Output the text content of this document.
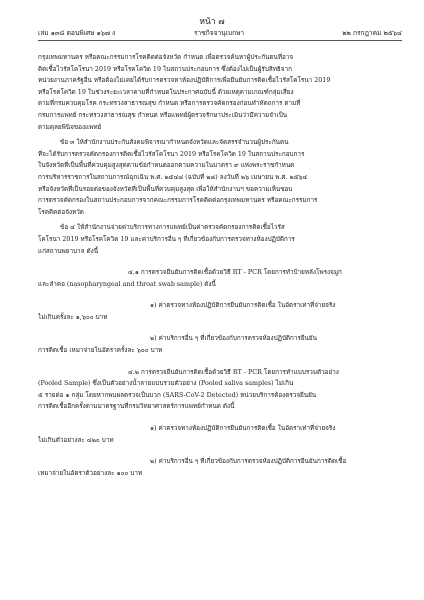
หน้า ๗
เล่ม ๑๓๘ ตอนพิเศษ ๑๖๗ ง	ราชกิจจานุเบกษา	๒๒ กรกฎาคม ๒๕๖๔

กรุงเทพมหานคร หรือคณะกรรมการโรคติดต่อจังหวัด กำหนด เพื่อตรวจค้นหาผู้ประกันตนที่อาจ

ติดเชื้อไวรัสโคโรนา 2019 หรือโรคโควิด 19 ในสถานประกอบการ ซึ่งต้องไม่เป็นผู้รับสิทธิจาก

หน่วยงานภาครัฐอื่น หรือต้องไม่เคยได้รับการตรวจหาห้องปฏิบัติการเพื่อยืนยันการติดเชื้อไวรัสโคโรนา 2019

หรือโรคโควิด 19 ในช่วงระยะเวลาตามที่กำหนดในประกาศฉบับนี้ ด้วยเหตุตามเกณฑ์กลุ่มเสี่ยง

ตามที่กรมควบคุมโรค กระทรวงสาธารณสุข กำหนด หรือการตรวจคัดกรองก่อนทำหัตถการ ตามที่

กรมการแพทย์ กระทรวงสาธารณสุข กำหนด หรือแพทย์ผู้ตรวจรักษาประเมินว่ามีความจำเป็น

ตามดุลยพินิจของแพทย์

ข้อ ๓ ให้สำนักงานประกันสังคมพิจารณากำหนดจังหวัดและจัดสรรจำนวนผู้ประกันตน

ที่จะได้รับการตรวจคัดกรองการติดเชื้อไวรัสโคโรนา 2019 หรือโรคโควิด 19 ในสถานประกอบการ

ในจังหวัดที่เป็นพื้นที่ควบคุมสูงสุดตามข้อกำหนดออกตามความในมาตรา ๙ แห่งพระราชกำหนด

การบริหารราชการในสถานการณ์ฉุกเฉิน พ.ศ. ๒๕๔๘ (ฉบับที่ ๒๘) ลงวันที่ ๒๖ เมษายน พ.ศ. ๒๕๖๔

หรือจังหวัดที่เป็นรอยต่อของจังหวัดที่เป็นพื้นที่ควบคุมสูงสุด เพื่อให้สำนักงานฯ ขอความเห็นชอบ

การตรวจคัดกรองในสถานประกอบการจากคณะกรรมการโรคติดต่อกรุงเทพมหานคร หรือคณะกรรมการ

โรคติดต่อจังหวัด

ข้อ ๔ ให้สำนักงานจ่ายค่าบริการทางการแพทย์เป็นค่าตรวจคัดกรองการติดเชื้อไวรัส

โคโรนา 2019 หรือโรคโควิด 19 และค่าบริการอื่น ๆ ที่เกี่ยวข้องกับการตรวจทางห้องปฏิบัติการ

แก่สถานพยาบาล ดังนี้

๔.๑ การตรวจยืนยันการติดเชื้อด้วยวิธี RT - PCR โดยการทำป้ายหลังโพรงจมูก

และลำคอ (nasopharyngeal and throat swab sample) ดังนี้

๑) ค่าตรวจทางห้องปฏิบัติการยืนยันการติดเชื้อ ในอัตราเท่าที่จ่ายจริง

ไม่เกินครั้งละ ๑,๖๐๐ บาท

๒) ค่าบริการอื่น ๆ ที่เกี่ยวข้องกับการตรวจห้องปฏิบัติการยืนยัน

การติดเชื้อ เหมาจ่ายในอัตราครั้งละ ๖๐๐ บาท

๔.๒ การตรวจยืนยันการติดเชื้อด้วยวิธี RT - PCR โดยการทำแบบรวมตัวอย่าง

(Pooled Sample) ซึ่งเป็นตัวอย่างน้ำลายแบบรวมตัวอย่าง (Pooled saliva samples) ไม่เกิน

๕ รายต่อ ๑ กลุ่ม โดยหากพบผลตรวจเป็นบวก (SARS-CoV-2 Detected) หน่วยบริการต้องตรวจยืนยัน

การติดเชื้ออีกครั้งตามมาตรฐานที่กรมวิทยาศาสตร์การแพทย์กำหนด ดังนี้

๑) ค่าตรวจทางห้องปฏิบัติการยืนยันการติดเชื้อ ในอัตราเท่าที่จ่ายจริง

ไม่เกินตัวอย่างละ ๔๒๐ บาท

๒) ค่าบริการอื่น ๆ ที่เกี่ยวข้องกับการตรวจห้องปฏิบัติการยืนยันการติดเชื้อ

เหมาจ่ายในอัตราตัวอย่างละ ๑๐๐ บาท
